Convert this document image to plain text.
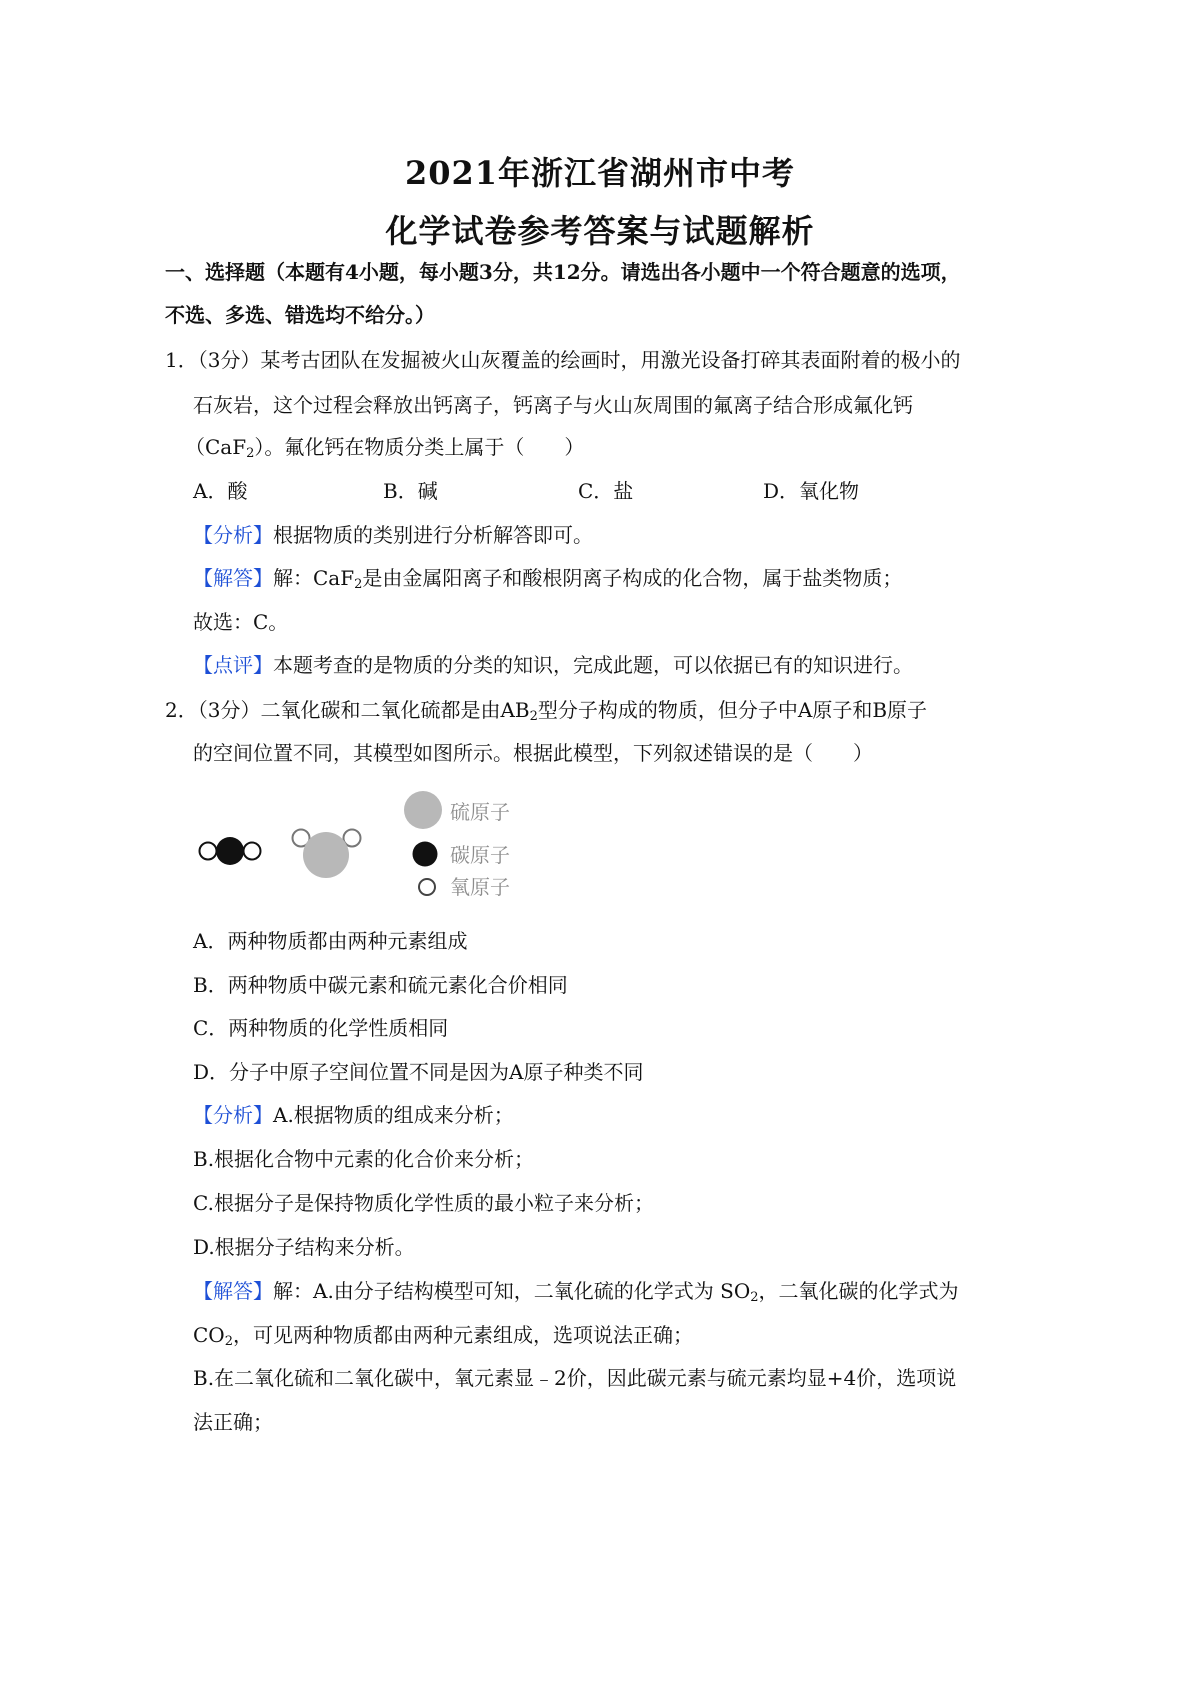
2021年浙江省湖州市中考
化学试卷参考答案与试题解析
一、选择题（本题有4小题，每小题3分，共12分。请选出各小题中一个符合题意的选项，
不选、多选、错选均不给分。）
1．（3分）某考古团队在发掘被火山灰覆盖的绘画时，用激光设备打碎其表面附着的极小的
石灰岩，这个过程会释放出钙离子，钙离子与火山灰周围的氟离子结合形成氟化钙
（CaF$_2$）。氟化钙在物质分类上属于（　　）
A．酸	B．碱	C．盐	D．氧化物
【分析】根据物质的类别进行分析解答即可。
【解答】解：CaF$_2$是由金属阳离子和酸根阴离子构成的化合物，属于盐类物质；
故选：C。
【点评】本题考查的是物质的分类的知识，完成此题，可以依据已有的知识进行。
2．（3分）二氧化碳和二氧化硫都是由$AB_2$型分子构成的物质，但分子中A原子和B原子
的空间位置不同，其模型如图所示。根据此模型，下列叙述错误的是（　　）
硫原子
碳原子
氧原子
A．两种物质都由两种元素组成
B．两种物质中碳元素和硫元素化合价相同
C．两种物质的化学性质相同
D．分子中原子空间位置不同是因为A原子种类不同
【分析】A.根据物质的组成来分析；
B.根据化合物中元素的化合价来分析；
C.根据分子是保持物质化学性质的最小粒子来分析；
D.根据分子结构来分析。
【解答】解：A.由分子结构模型可知，二氧化硫的化学式为 $SO_2$，二氧化碳的化学式为
$CO_2$，可见两种物质都由两种元素组成，选项说法正确；
B.在二氧化硫和二氧化碳中，氧元素显﹣2价，因此碳元素与硫元素均显+4价，选项说
法正确；
